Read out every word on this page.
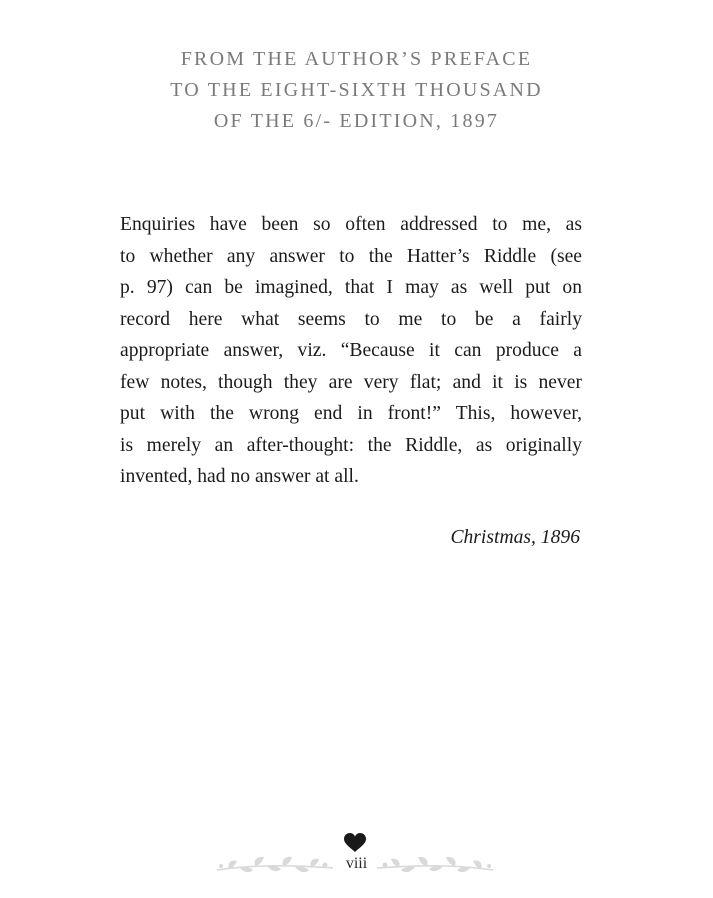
FROM THE AUTHOR’S PREFACE
TO THE EIGHT-SIXTH THOUSAND
OF THE 6/- EDITION, 1897
Enquiries have been so often addressed to me, as
to whether any answer to the Hatter’s Riddle (see
p. 97) can be imagined, that I may as well put on
record here what seems to me to be a fairly
appropriate answer, viz. “Because it can produce a
few notes, though they are very flat; and it is never
put with the wrong end in front!” This, however,
is merely an after-thought: the Riddle, as originally
invented, had no answer at all.
Christmas, 1896
viii
